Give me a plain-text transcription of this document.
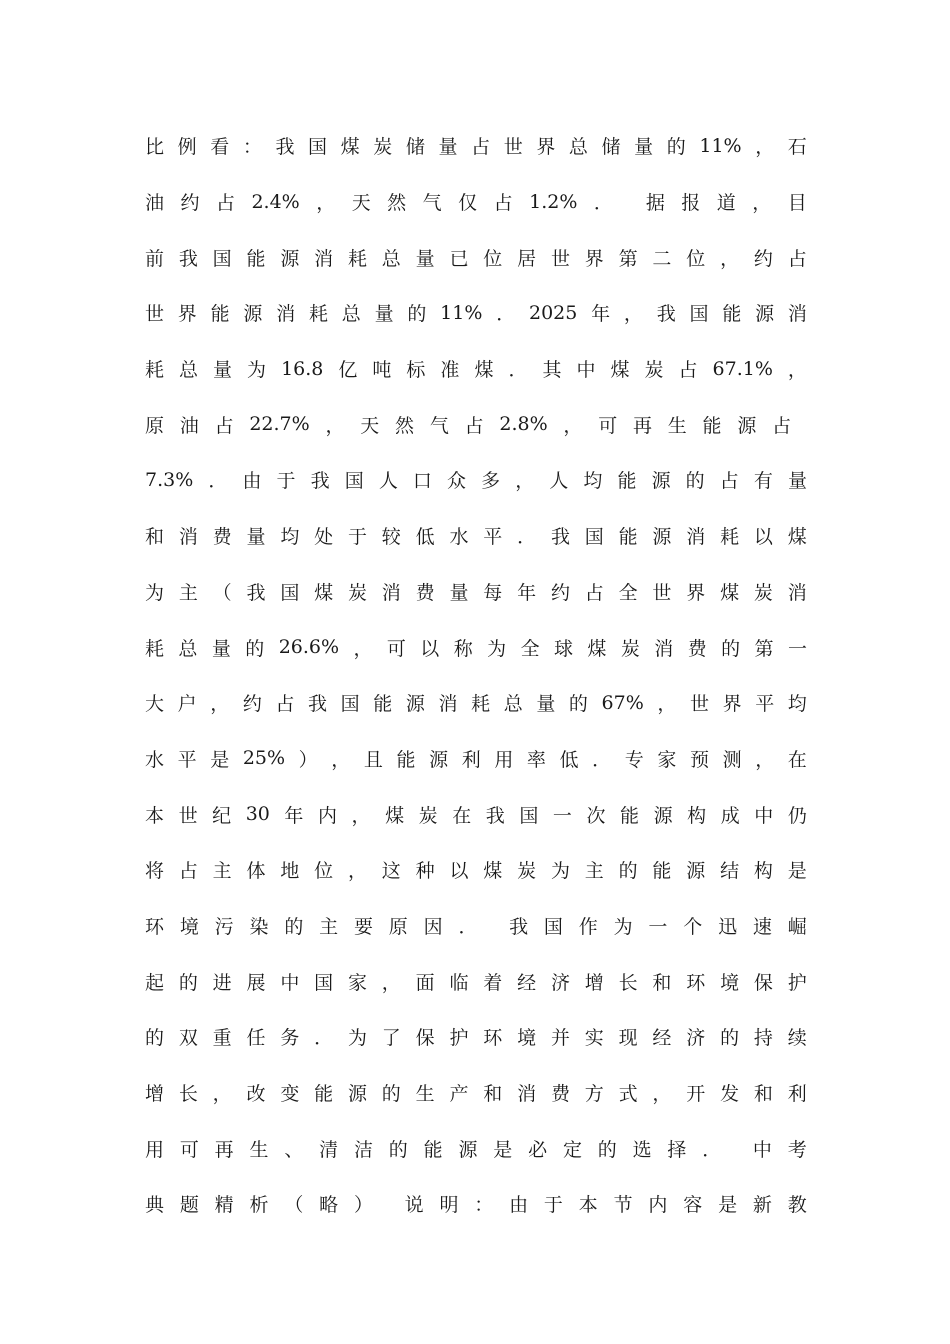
比 例 看 ： 我 国 煤 炭 储 量 占 世 界 总 储 量 的 11% ， 石
油 约 占 2.4% ， 天 然 气 仅 占 1.2% ． 据 报 道 ， 目
前 我 国 能 源 消 耗 总 量 已 位 居 世 界 第 二 位 ， 约 占
世 界 能 源 消 耗 总 量 的 11% ． 2025 年 ， 我 国 能 源 消
耗 总 量 为 16.8 亿 吨 标 准 煤 ． 其 中 煤 炭 占 67.1% ，
原 油 占 22.7% ， 天 然 气 占 2.8% ， 可 再 生 能 源 占
7.3% ． 由 于 我 国 人 口 众 多 ， 人 均 能 源 的 占 有 量
和 消 费 量 均 处 于 较 低 水 平 ． 我 国 能 源 消 耗 以 煤
为 主 （ 我 国 煤 炭 消 费 量 每 年 约 占 全 世 界 煤 炭 消
耗 总 量 的 26.6% ， 可 以 称 为 全 球 煤 炭 消 费 的 第 一
大 户 ， 约 占 我 国 能 源 消 耗 总 量 的 67% ， 世 界 平 均
水 平 是 25% ） ， 且 能 源 利 用 率 低 ． 专 家 预 测 ， 在
本 世 纪 30 年 内 ， 煤 炭 在 我 国 一 次 能 源 构 成 中 仍
将 占 主 体 地 位 ， 这 种 以 煤 炭 为 主 的 能 源 结 构 是
环 境 污 染 的 主 要 原 因 ． 我 国 作 为 一 个 迅 速 崛
起 的 进 展 中 国 家 ， 面 临 着 经 济 增 长 和 环 境 保 护
的 双 重 任 务 ． 为 了 保 护 环 境 并 实 现 经 济 的 持 续
增 长 ， 改 变 能 源 的 生 产 和 消 费 方 式 ， 开 发 和 利
用 可 再 生 、 清 洁 的 能 源 是 必 定 的 选 择 ． 中 考
典 题 精 析 （ 略 ） 说 明 ： 由 于 本 节 内 容 是 新 教
